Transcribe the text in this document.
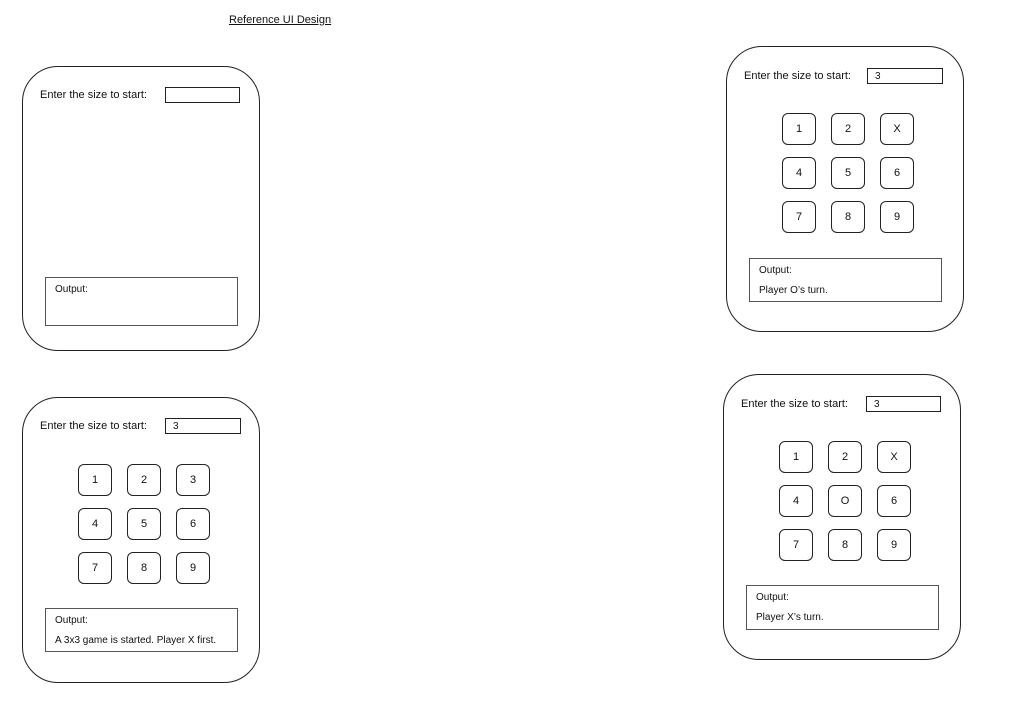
Reference UI Design
Enter the size to start:
Output:
Enter the size to start:
3
1	2	3
4	5	6
7	8	9
Output:
A 3x3 game is started. Player X first.
Enter the size to start:
3
1	2	X
4	5	6
7	8	9
Output:
Player O’s turn.
Enter the size to start:
3
1	2	X
4	O	6
7	8	9
Output:
Player X’s turn.
